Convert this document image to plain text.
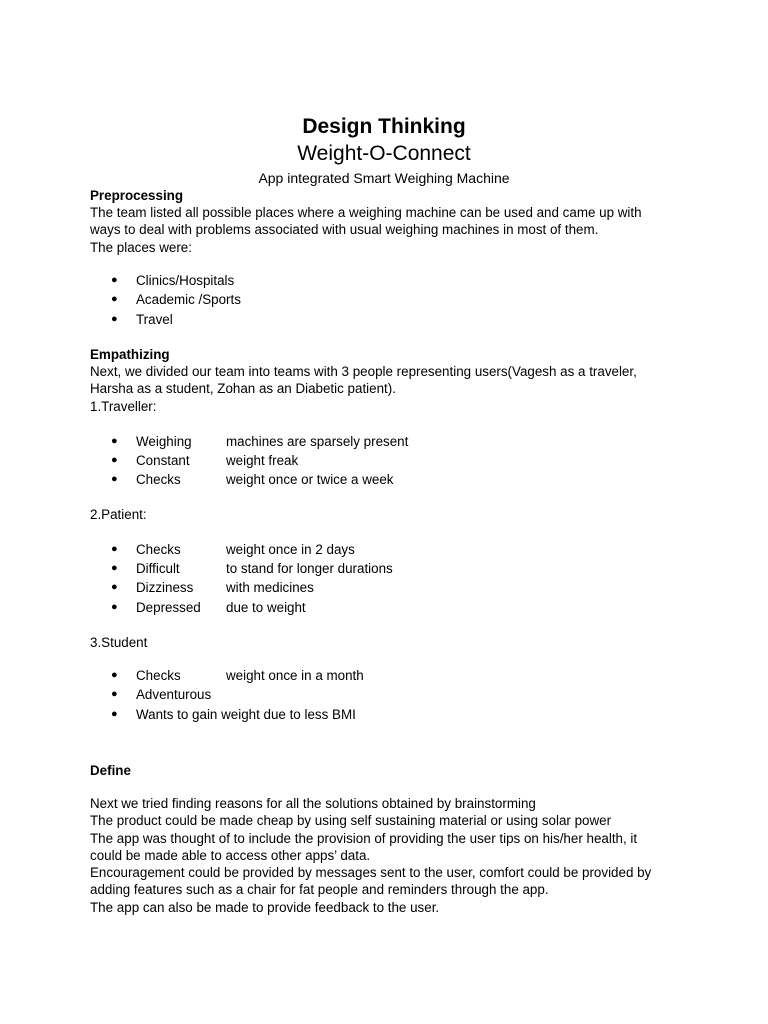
Design Thinking
Weight-O-Connect
App integrated Smart Weighing Machine
Preprocessing
The team listed all possible places where a weighing machine can be used and came up with
ways to deal with problems associated with usual weighing machines in most of them.
The places were:
● Clinics/Hospitals
● Academic /Sports
● Travel
Empathizing
Next, we divided our team into teams with 3 people representing users(Vagesh as a traveler,
Harsha as a student, Zohan as an Diabetic patient).
1.Traveller:
● Weighing	machines are sparsely present
● Constant	weight freak
● Checks	weight once or twice a week
2.Patient:
● Checks	weight once in 2 days
● Difficult	to stand for longer durations
● Dizziness with medicines
● Depressed due to weight
3.Student
● Checks	weight once in a month
● Adventurous
● Wants to gain weight due to less BMI
Define
Next we tried finding reasons for all the solutions obtained by brainstorming
The product could be made cheap by using self sustaining material or using solar power
The app was thought of to include the provision of providing the user tips on his/her health, it
could be made able to access other apps’ data.
Encouragement could be provided by messages sent to the user, comfort could be provided by
adding features such as a chair for fat people and reminders through the app.
The app can also be made to provide feedback to the user.
